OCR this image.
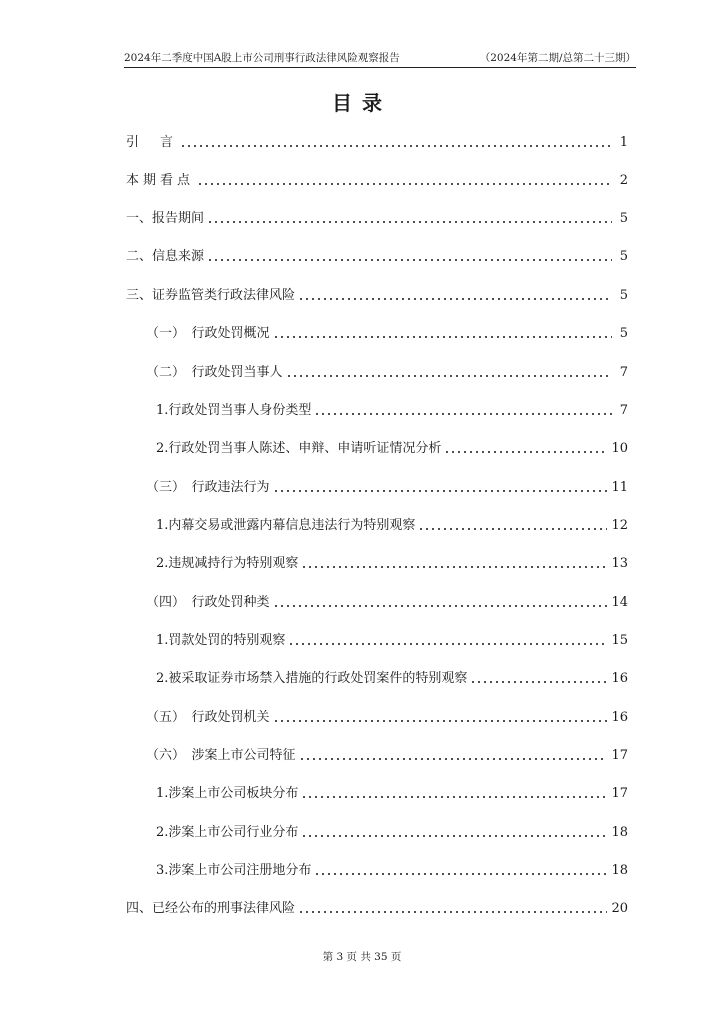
2024年二季度中国A股上市公司刑事行政法律风险观察报告	（2024年第二期/总第二十三期）
目录
引　言	1
本期看点	2
一、报告期间	5
二、信息来源	5
三、证券监管类行政法律风险	5
（一）　行政处罚概况	5
（二）　行政处罚当事人	7
1.行政处罚当事人身份类型	7
2.行政处罚当事人陈述、申辩、申请听证情况分析	10
（三）　行政违法行为	11
1.内幕交易或泄露内幕信息违法行为特别观察	12
2.违规减持行为特别观察	13
（四）　行政处罚种类	14
1.罚款处罚的特别观察	15
2.被采取证券市场禁入措施的行政处罚案件的特别观察	16
（五）　行政处罚机关	16
（六）　涉案上市公司特征	17
1.涉案上市公司板块分布	17
2.涉案上市公司行业分布	18
3.涉案上市公司注册地分布	18
四、已经公布的刑事法律风险	20
第 3 页 共 35 页
